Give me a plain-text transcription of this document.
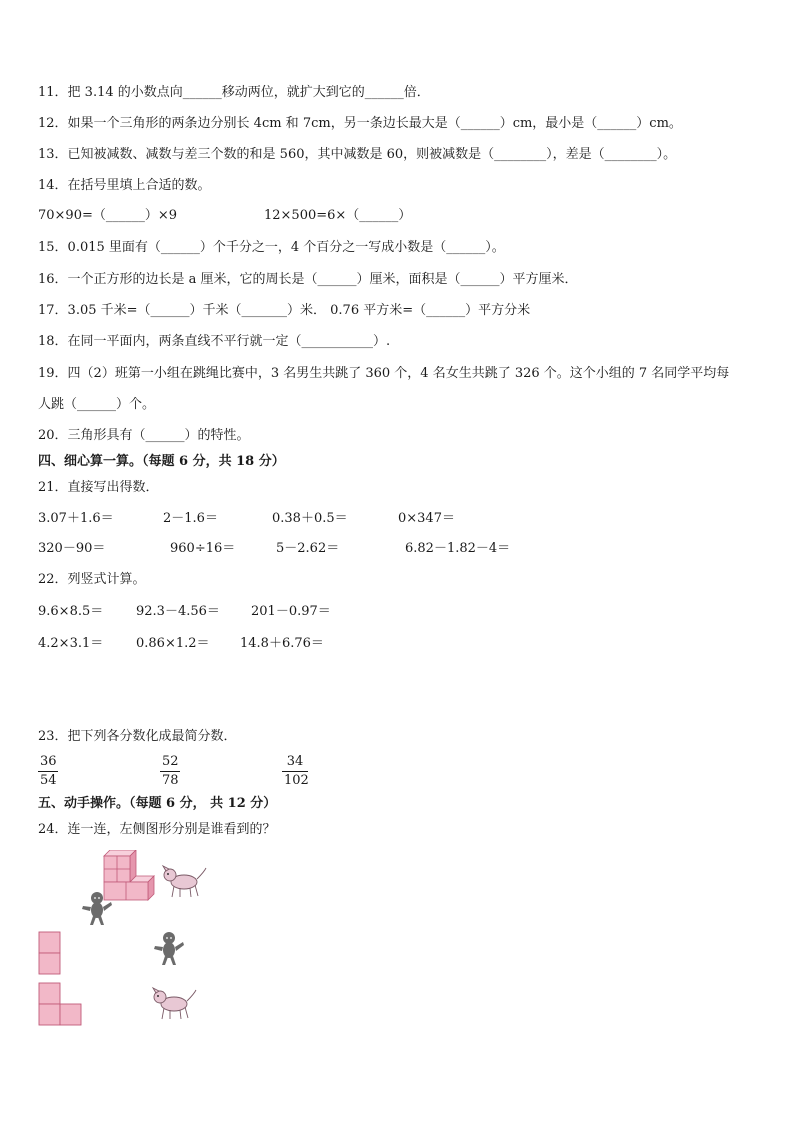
11．把 3.14 的小数点向______移动两位，就扩大到它的______倍．
12．如果一个三角形的两条边分别长 4cm 和 7cm，另一条边长最大是（______）cm，最小是（______）cm。
13．已知被减数、减数与差三个数的和是 560，其中减数是 60，则被减数是（________），差是（________）。
14．在括号里填上合适的数。
70×90=（______）×9	12×500=6×（______）
15．0.015 里面有（______）个千分之一，4 个百分之一写成小数是（______）。
16．一个正方形的边长是 a 厘米，它的周长是（______）厘米，面积是（______）平方厘米．
17．3.05 千米=（______）千米（_______）米． 0.76 平方米=（______）平方分米
18．在同一平面内，两条直线不平行就一定（___________）.
19．四（2）班第一小组在跳绳比赛中，3 名男生共跳了 360 个，4 名女生共跳了 326 个。这个小组的 7 名同学平均每
人跳（______）个。
20．三角形具有（______）的特性。
四、细心算一算。（每题 6 分，共 18 分）
21．直接写出得数．
3.07＋1.6＝	2－1.6＝	0.38＋0.5＝	0×347＝
320－90＝	960÷16＝	5－2.62＝	6.82－1.82－4＝
22．列竖式计算。
9.6×8.5＝	92.3－4.56＝ 201－0.97＝
4.2×3.1＝	0.86×1.2＝ 14.8＋6.76＝
23．把下列各分数化成最简分数．
36
54
52
78
34
102
五、动手操作。（每题 6 分， 共 12 分）
24．连一连，左侧图形分别是谁看到的？
